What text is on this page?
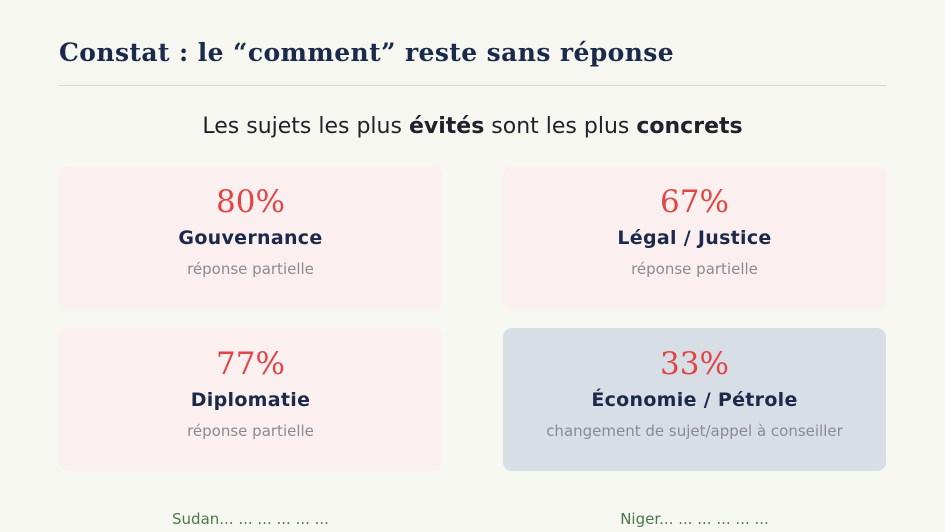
Constat : le “comment” reste sans réponse
Les sujets les plus évités sont les plus concrets
80%
Gouvernance
réponse partielle
67%
Légal / Justice
réponse partielle
77%
Diplomatie
réponse partielle
33%
Économie / Pétrole
changement de sujet/appel à conseiller
Sudan... ... ... ... ... ...	Niger... ... ... ... ... ...
